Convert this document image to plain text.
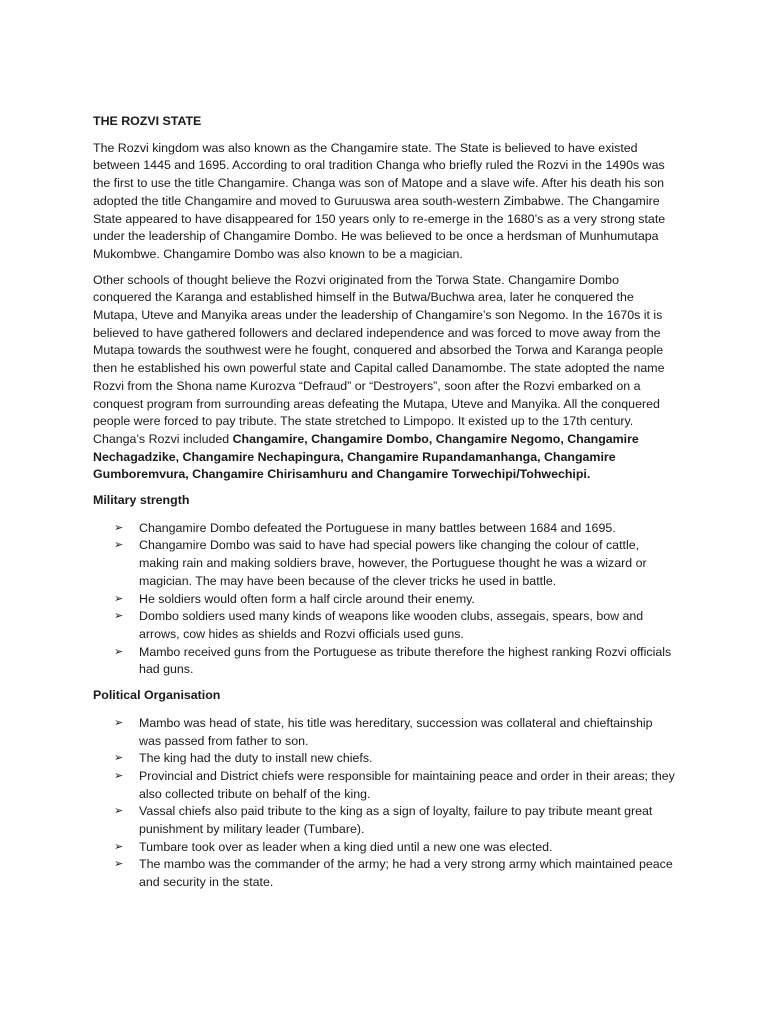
THE ROZVI STATE

The Rozvi kingdom was also known as the Changamire state. The State is believed to have existed between 1445 and 1695. According to oral tradition Changa who briefly ruled the Rozvi in the 1490s was the first to use the title Changamire. Changa was son of Matope and a slave wife. After his death his son adopted the title Changamire and moved to Guruuswa area south-western Zimbabwe. The Changamire State appeared to have disappeared for 150 years only to re-emerge in the 1680’s as a very strong state under the leadership of Changamire Dombo. He was believed to be once a herdsman of Munhumutapa Mukombwe. Changamire Dombo was also known to be a magician.

Other schools of thought believe the Rozvi originated from the Torwa State. Changamire Dombo conquered the Karanga and established himself in the Butwa/Buchwa area, later he conquered the Mutapa, Uteve and Manyika areas under the leadership of Changamire’s son Negomo. In the 1670s it is believed to have gathered followers and declared independence and was forced to move away from the Mutapa towards the southwest were he fought, conquered and absorbed the Torwa and Karanga people then he established his own powerful state and Capital called Danamombe. The state adopted the name Rozvi from the Shona name Kurozva “Defraud” or “Destroyers”, soon after the Rozvi embarked on a conquest program from surrounding areas defeating the Mutapa, Uteve and Manyika. All the conquered people were forced to pay tribute. The state stretched to Limpopo. It existed up to the 17th century. Changa’s Rozvi included Changamire, Changamire Dombo, Changamire Negomo, Changamire Nechagadzike, Changamire Nechapingura, Changamire Rupandamanhanga, Changamire Gumboremvura, Changamire Chirisamhuru and Changamire Torwechipi/Tohwechipi.

Military strength
➢ Changamire Dombo defeated the Portuguese in many battles between 1684 and 1695.
➢ Changamire Dombo was said to have had special powers like changing the colour of cattle, making rain and making soldiers brave, however, the Portuguese thought he was a wizard or magician. The may have been because of the clever tricks he used in battle.
➢ He soldiers would often form a half circle around their enemy.
➢ Dombo soldiers used many kinds of weapons like wooden clubs, assegais, spears, bow and arrows, cow hides as shields and Rozvi officials used guns.
➢ Mambo received guns from the Portuguese as tribute therefore the highest ranking Rozvi officials had guns.
Political Organisation
➢ Mambo was head of state, his title was hereditary, succession was collateral and chieftainship was passed from father to son.
➢ The king had the duty to install new chiefs.
➢ Provincial and District chiefs were responsible for maintaining peace and order in their areas; they also collected tribute on behalf of the king.
➢ Vassal chiefs also paid tribute to the king as a sign of loyalty, failure to pay tribute meant great punishment by military leader (Tumbare).
➢ Tumbare took over as leader when a king died until a new one was elected.
➢ The mambo was the commander of the army; he had a very strong army which maintained peace and security in the state.
